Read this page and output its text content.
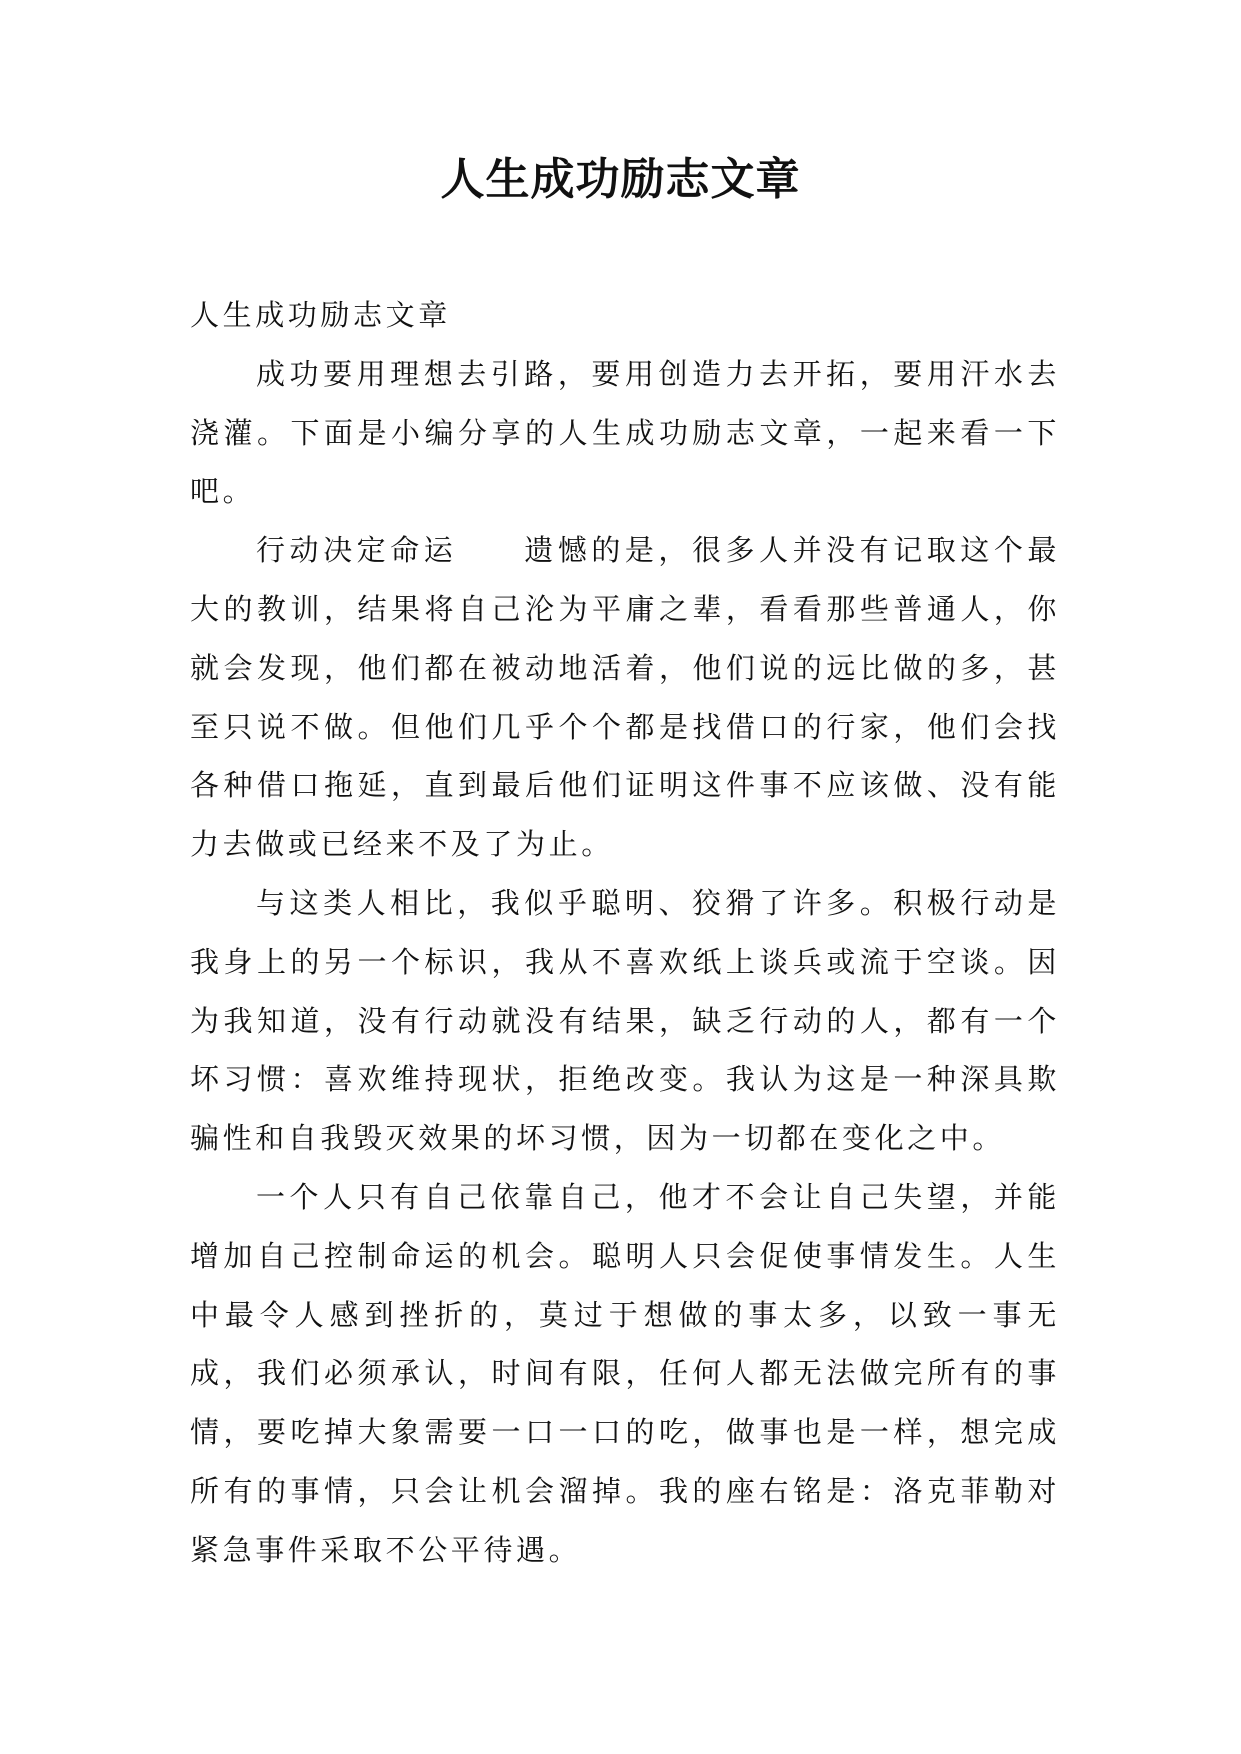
人生成功励志文章

人生成功励志文章

成功要用理想去引路，要用创造力去开拓，要用汗水去浇灌。下面是小编分享的人生成功励志文章，一起来看一下吧。

行动决定命运 遗憾的是，很多人并没有记取这个最大的教训，结果将自己沦为平庸之辈，看看那些普通人，你就会发现，他们都在被动地活着，他们说的远比做的多，甚至只说不做。但他们几乎个个都是找借口的行家，他们会找各种借口拖延，直到最后他们证明这件事不应该做、没有能力去做或已经来不及了为止。

与这类人相比，我似乎聪明、狡猾了许多。积极行动是我身上的另一个标识，我从不喜欢纸上谈兵或流于空谈。因为我知道，没有行动就没有结果，缺乏行动的人，都有一个坏习惯：喜欢维持现状，拒绝改变。我认为这是一种深具欺骗性和自我毁灭效果的坏习惯，因为一切都在变化之中。

一个人只有自己依靠自己，他才不会让自己失望，并能增加自己控制命运的机会。聪明人只会促使事情发生。人生中最令人感到挫折的，莫过于想做的事太多，以致一事无成，我们必须承认，时间有限，任何人都无法做完所有的事情，要吃掉大象需要一口一口的吃，做事也是一样，想完成所有的事情，只会让机会溜掉。我的座右铭是：洛克菲勒对紧急事件采取不公平待遇。
